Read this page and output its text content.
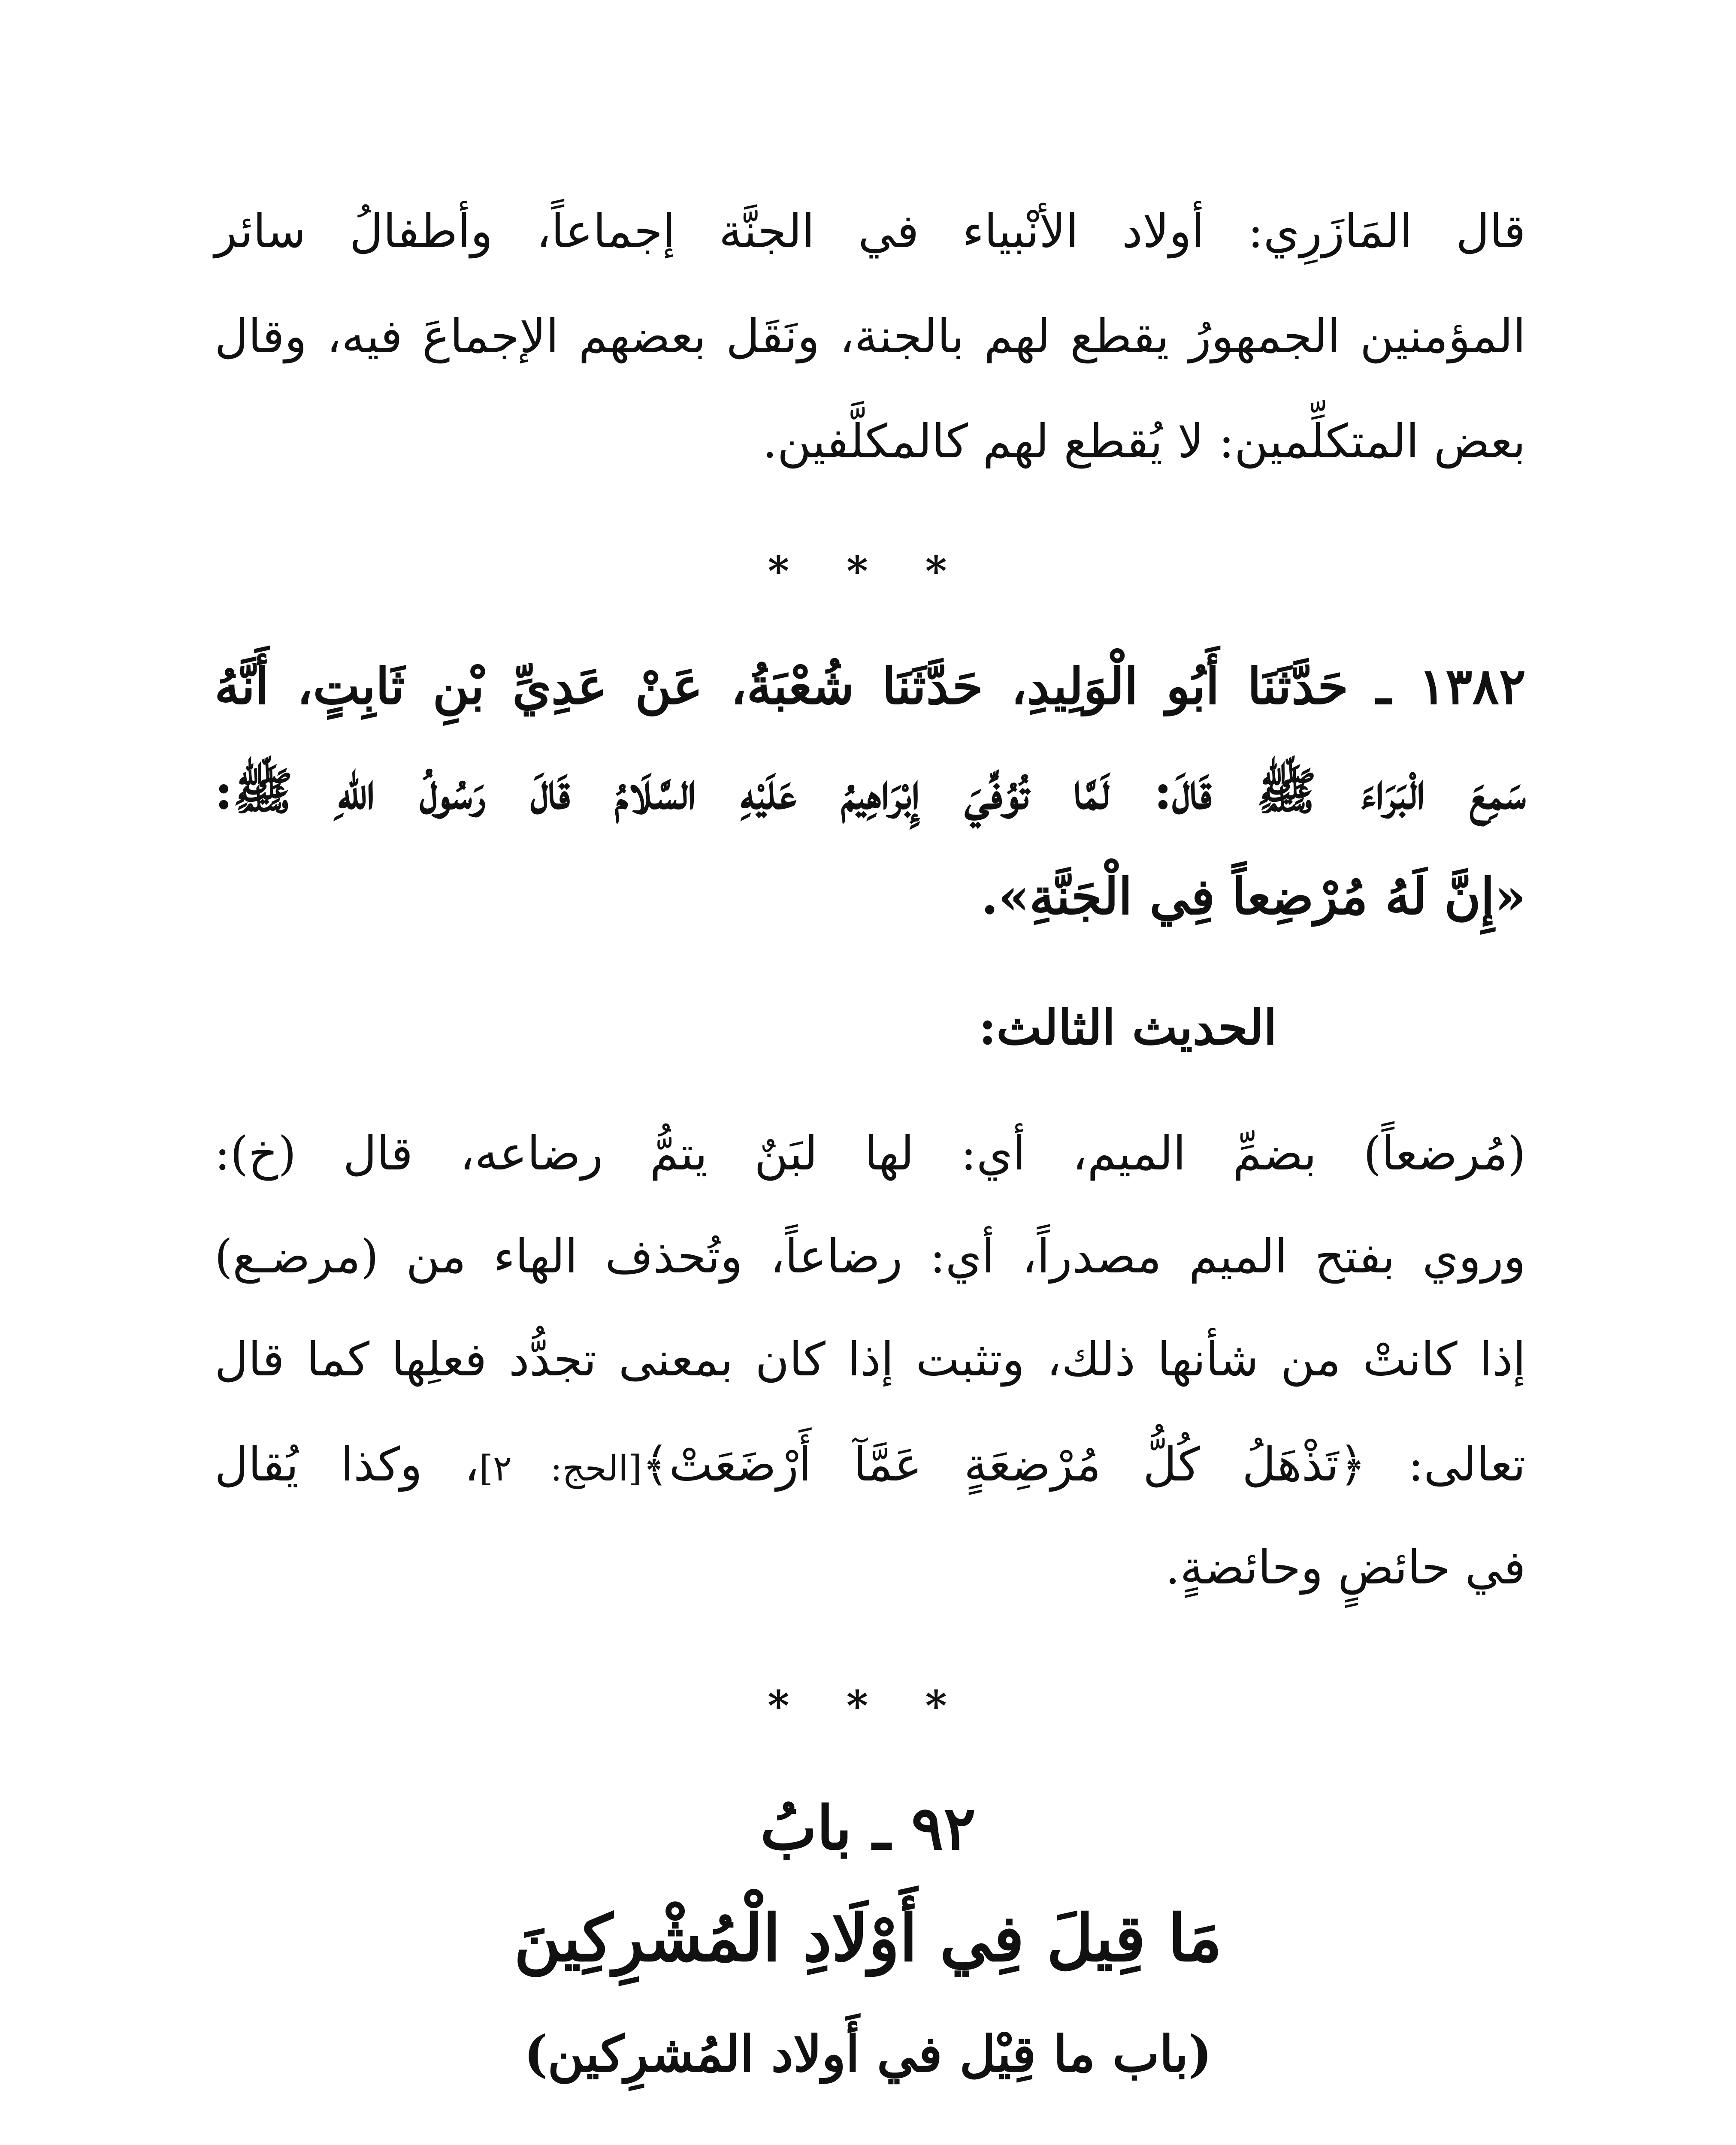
قال المَازَرِي: أولاد الأنْبياء في الجنَّة إجماعاً، وأطفالُ سائر
المؤمنين الجمهورُ يقطع لهم بالجنة، ونَقَل بعضهم الإجماعَ فيه، وقال
بعض المتكلِّمين: لا يُقطع لهم كالمكلَّفين.
* * *
١٣٨٢ ـ حَدَّثَنَا أَبُو الْوَلِيدِ، حَدَّثَنَا شُعْبَةُ، عَنْ عَدِيِّ بْنِ ثَابِتٍ، أَنَّهُ
سَمِعَ الْبَرَاءَ ﷺ قَالَ: لَمَّا تُوُفِّيَ إِبْرَاهِيمُ عَلَيْهِ السَّلَامُ قَالَ رَسُولُ اللهِ ﷺ:
«إِنَّ لَهُ مُرْضِعاً فِي الْجَنَّةِ».
الحديث الثالث:
(مُرضعاً) بضمِّ الميم، أي: لها لبَنٌ يتمُّ رضاعه، قال (خ):
وروي بفتح الميم مصدراً، أي: رضاعاً، وتُحذف الهاء من (مرضـع)
إذا كانتْ من شأنها ذلك، وتثبت إذا كان بمعنى تجدُّد فعلِها كما قال
تعالى: ﴿تَذْهَلُ كُلُّ مُرْضِعَةٍ عَمَّآ أَرْضَعَتْ﴾[الحج: ٢]، وكذا يُقال
في حائضٍ وحائضةٍ.
* * *
٩٢ ـ بابُ
مَا قِيلَ فِي أَوْلَادِ الْمُشْرِكِينَ
(باب ما قِيْل في أَولاد المُشرِكين)
